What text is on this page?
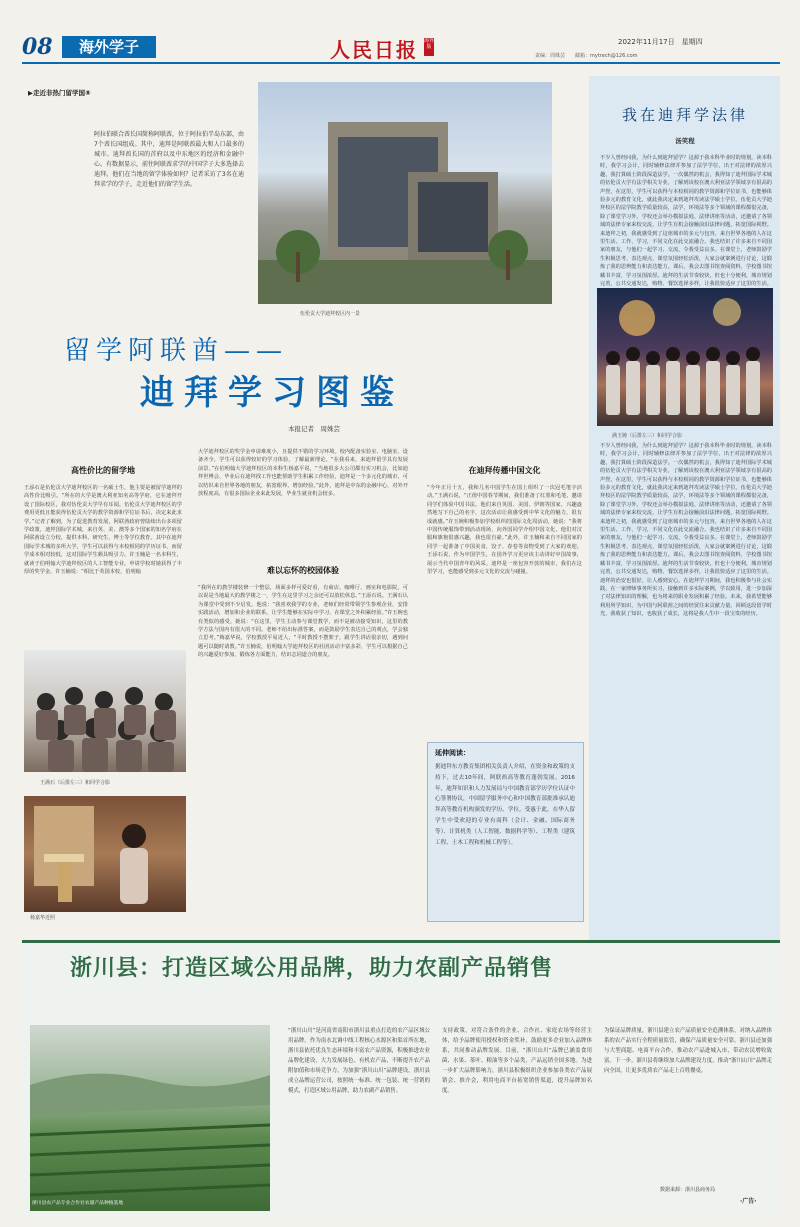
08	海外学子	人民日报 海外版
2022年11月17日　星期四
责编：周姝芸　　邮箱：mytrech@126.com
▶走近非热门留学国⑧
伍伦贡大学迪拜校区内一景
阿拉伯联合酋长国简称阿联酋，位于阿拉伯半岛东部，由7个酋长国组成。其中，迪拜是阿联酋最大和人口最多的城市。迪拜酋长国的首府以及中东地区的经济和金融中心。有数据显示，前往阿联酋求学的中国学子大多选择去迪拜。他们在当地的留学体验如何？记者采访了3名在迪拜求学的学子，走近他们的留学生活。
留学阿联酋——
迪拜学习图鉴
本报记者　周姝芸
高性价比的留学地
王添石是伍伦贡大学迪拜校区的一名硕士生，他主要是被留学迪拜的高性价比吸引。“所在的大学是澳大利亚知名高等学府，它在迪拜开设了国际校区，我对伍伦贡大学早有耳闻。伍伦贡大学迪拜校区的学费用更低且能获得伍伦贡大学的教学资源和学位证书后，决定来此求学。”记者了解到，为了促进教育发展，阿联酋政府曾陆续出台多项留学政策，迪拜国际学术城，来自英、美、澳等多个国家的知名学府在阿联酋设立分校，提供本科、研究生、博士等学位教育。其中在迪拜国际学术城的多所大学，学生可以获得与本校相同的学历证书，而留学成本相对较低，这对国际学生颇具吸引力。许玉楠是一名本科生，就读于伯明翰大学迪拜校区的人工智能专业。申请学校时她获得了丰厚的奖学金。许玉楠说：“相比于英国本校，伯明翰
王满石（后排左三）和同学合影
杨嘉华近照
大学迪拜校区的奖学金申请难度小，且提供不错的学习环境。校内配备实验室、电脑室、设备齐全，学生可以获得较好的学习体验，了解最新理论。“在我看来，来迪拜留学具有发展前景。”在伯明翰大学迪拜校区的本科生杨嘉平说，“当地很多大公司都有实习机会，比如迪拜世博会、毕业后在迪拜找工作也能帮助学生积累工作经验，迪拜是一个多元化的城市，可以结识来自世界各地的朋友，拓宽眼界，增加经验。”此外，迪拜是中东的金融中心，对外开放程度高，有很多国际企业来此发展，毕业生就业机会较多。
难以忘怀的校园体验
“我所在的教学楼装修一个整层，场面多样可爱好看，有商店、咖啡厅、画室和电影院，可以说是当地最大的教学楼之一，学生在这里学习之余还可以放松休息。”王添石说。王满石认为课堂中受到不少启发。他说：“我喜欢我学的专业，老师们经常带领学生参观企业，安排实践活动，增加和企业的联系，让学生能够在实际中学习，在课堂之外积累经验。”许玉婉也有类似的感受。她说：“在这里，学生主动参与课堂教学，而不是被动接受知识，这里的教学方法与国内有很大的不同。老师不给出标准答案，而是鼓励学生表达自己的观点，学会独立思考。”梅嘉华说，学校教授平易近人，“平时教授不摆架子，跟学生讲话很亲切，遇到问题可以随时请教。”许玉楠说，伯明翰大学迪拜校区的社团活动丰富多彩，学生可以根据自己的兴趣爱好参加，锻炼各方面能力，结识志同道合的朋友。
在迪拜传播中国文化
“今年正月十五，我和几名中国学生在国上组织了一次冠毛笔字活动。”王满石说，“正值中国春节期间，我们准备了红墨和毛笔，邀请同学们体验中国书法。他们来自英国、美国、伊朗等国家，兴趣盎然地写下自己的名字，这次活动让我感受到中华文化的魅力，很有成就感。”许玉婉积极参加学校组织的国际文化周活动，她说：“我将中国传统服饰带到活动现场，向外国同学介绍中国文化，他们对汉服和旗袍很感兴趣，我也很自豪。”此外，许玉楠和来自不同国家的同学一起准备了中国美食，饺子、春卷等食物受到了大家的欢迎。王添石说，作为中国学生，在国外学习更应该主动讲好中国故事，展示当代中国青年的风采。迪拜是一座包容开放的城市，我们在这里学习，也能感受到多元文化的交流与碰撞。
延伸阅读：
据迪拜东方教育集团相关负责人介绍，在资金和政策的支持下，过去10年间，阿联酋高等教育蓬勃发展。2016年，迪拜知识和人力发展局与中国教育部学历学位认证中心签署协议，中国留学服务中心和中国教育部批准承认迪拜高等教育机构颁发的学历、学位。受惠于此，在华人留学生中受欢迎的专业有商科（会计、金融、国际商务等）、计算机类（人工智能、数据科学等）、工程类（建筑工程、土木工程和机械工程等）。
我在迪拜学法律
汤笑程
不少人曾经问我，为什么到迪拜留学？这源于我本科毕业时的规划。读本科时，我学习会计，同时辅修法律并参加了法学学位，出于对法律的浓厚兴趣，我打算硕士阶段深造法学。一次偶然的机会，我得知了迪拜国际学术城的伍伦贡大学有法学相关专业，了解到该校在澳大利亚法学领域享有很高的声誉，在这里，学生可以获得与本校相同的教学资源和学位证书，也能够体验多元的教育文化，就此我决定来到迪拜攻读法学硕士学位。伍伦贡大学迪拜校区的法学院教学质量较高，法学、环境法等多个领域的课程都很完备，除了课堂学习外，学校还会举办模拟法庭、法律讲座等活动，还邀请了各领域的法律专家来校交流，让学生有机会接触前沿法律问题，拓宽国际视野。来迪拜之初，我就感受到了这座城市的多元与包容，来自世界各地的人在这里生活、工作、学习，不同文化在此交流融合。我也结识了许多来自不同国家的朋友，与他们一起学习、交流，令我受益良多。在课堂上，老师鼓励学生积极思考、表达观点，课堂氛围轻松活泼，大家会就案例进行讨论，这锻炼了我的思辨能力和表达能力。课后，我会去图书馆查阅资料，学校图书馆藏书丰富，学习氛围浓厚。迪拜的生活节奏较快，但也十分便利，城市规划完善，公共交通发达，购物、餐饮选择多样，让我很快适应了这里的生活。
满玉婉（后排左三）和同学合影
不少人曾经问我，为什么到迪拜留学？这源于我本科毕业时的规划。读本科时，我学习会计，同时辅修法律并参加了法学学位，出于对法律的浓厚兴趣，我打算硕士阶段深造法学。一次偶然的机会，我得知了迪拜国际学术城的伍伦贡大学有法学相关专业，了解到该校在澳大利亚法学领域享有很高的声誉，在这里，学生可以获得与本校相同的教学资源和学位证书，也能够体验多元的教育文化，就此我决定来到迪拜攻读法学硕士学位。伍伦贡大学迪拜校区的法学院教学质量较高，法学、环境法等多个领域的课程都很完备，除了课堂学习外，学校还会举办模拟法庭、法律讲座等活动，还邀请了各领域的法律专家来校交流，让学生有机会接触前沿法律问题，拓宽国际视野。来迪拜之初，我就感受到了这座城市的多元与包容，来自世界各地的人在这里生活、工作、学习，不同文化在此交流融合。我也结识了许多来自不同国家的朋友，与他们一起学习、交流，令我受益良多。在课堂上，老师鼓励学生积极思考、表达观点，课堂氛围轻松活泼，大家会就案例进行讨论，这锻炼了我的思辨能力和表达能力。课后，我会去图书馆查阅资料，学校图书馆藏书丰富，学习氛围浓厚。迪拜的生活节奏较快，但也十分便利，城市规划完善，公共交通发达，购物、餐饮选择多样，让我很快适应了这里的生活。迪拜的治安也很好，让人感到安心。在迪拜学习期间，我也积极参与社会实践，在一家律师事务所实习，接触到许多实际案例，学以致用，进一步加深了对法律知识的理解，也为将来的职业发展积累了经验。未来，我希望能够利用所学知识，为中国与阿联酋之间的经贸往来贡献力量。回顾这段留学时光，我收获了知识，也收获了成长，这将是我人生中一段宝贵的经历。
浙川县：打造区域公用品牌，助力农副产品销售
浙川县农产品专业合作社农副产品种植基地
“浙川山川”是河南省南阳市浙川县重点打造的农产品区域公用品牌。作为南水北调中线工程核心水源区和渠首所在地，浙川县依托优良生态环境和丰富农产品资源，积极推进农业品牌化建设，大力发展绿色、有机农产品，不断提升农产品附加值和市场竞争力。为加强“浙川山川”品牌建设，浙川县成立品牌运营公司，按照统一标准、统一包装、统一营销的模式，打造区域公用品牌，助力农副产品销售。
支持政策，对符合条件的企业、合作社、家庭农场等经营主体，给予品牌使用授权和资金奖补，鼓励更多企业加入品牌体系，共同推动品牌发展。目前，“浙川山川”品牌已涵盖食用菌、水果、茶叶、粮油等多个品类，产品远销全国多地。为进一步扩大品牌影响力，浙川县积极组织企业参加各类农产品展销会、推介会，利用电商平台拓宽销售渠道，提升品牌知名度。
为保证品牌质量，浙川县建立农产品质量安全追溯体系，对纳入品牌体系的农产品实行全程质量监管，确保产品质量安全可靠。浙川县还加强与大型商超、电商平台合作，推动农产品进城入市，带动农民增收致富。下一步，浙川县将继续加大品牌建设力度，推动“浙川山川”品牌走向全国，让更多优质农产品走上百姓餐桌。
数据来源：浙川县商务局
·广告·
